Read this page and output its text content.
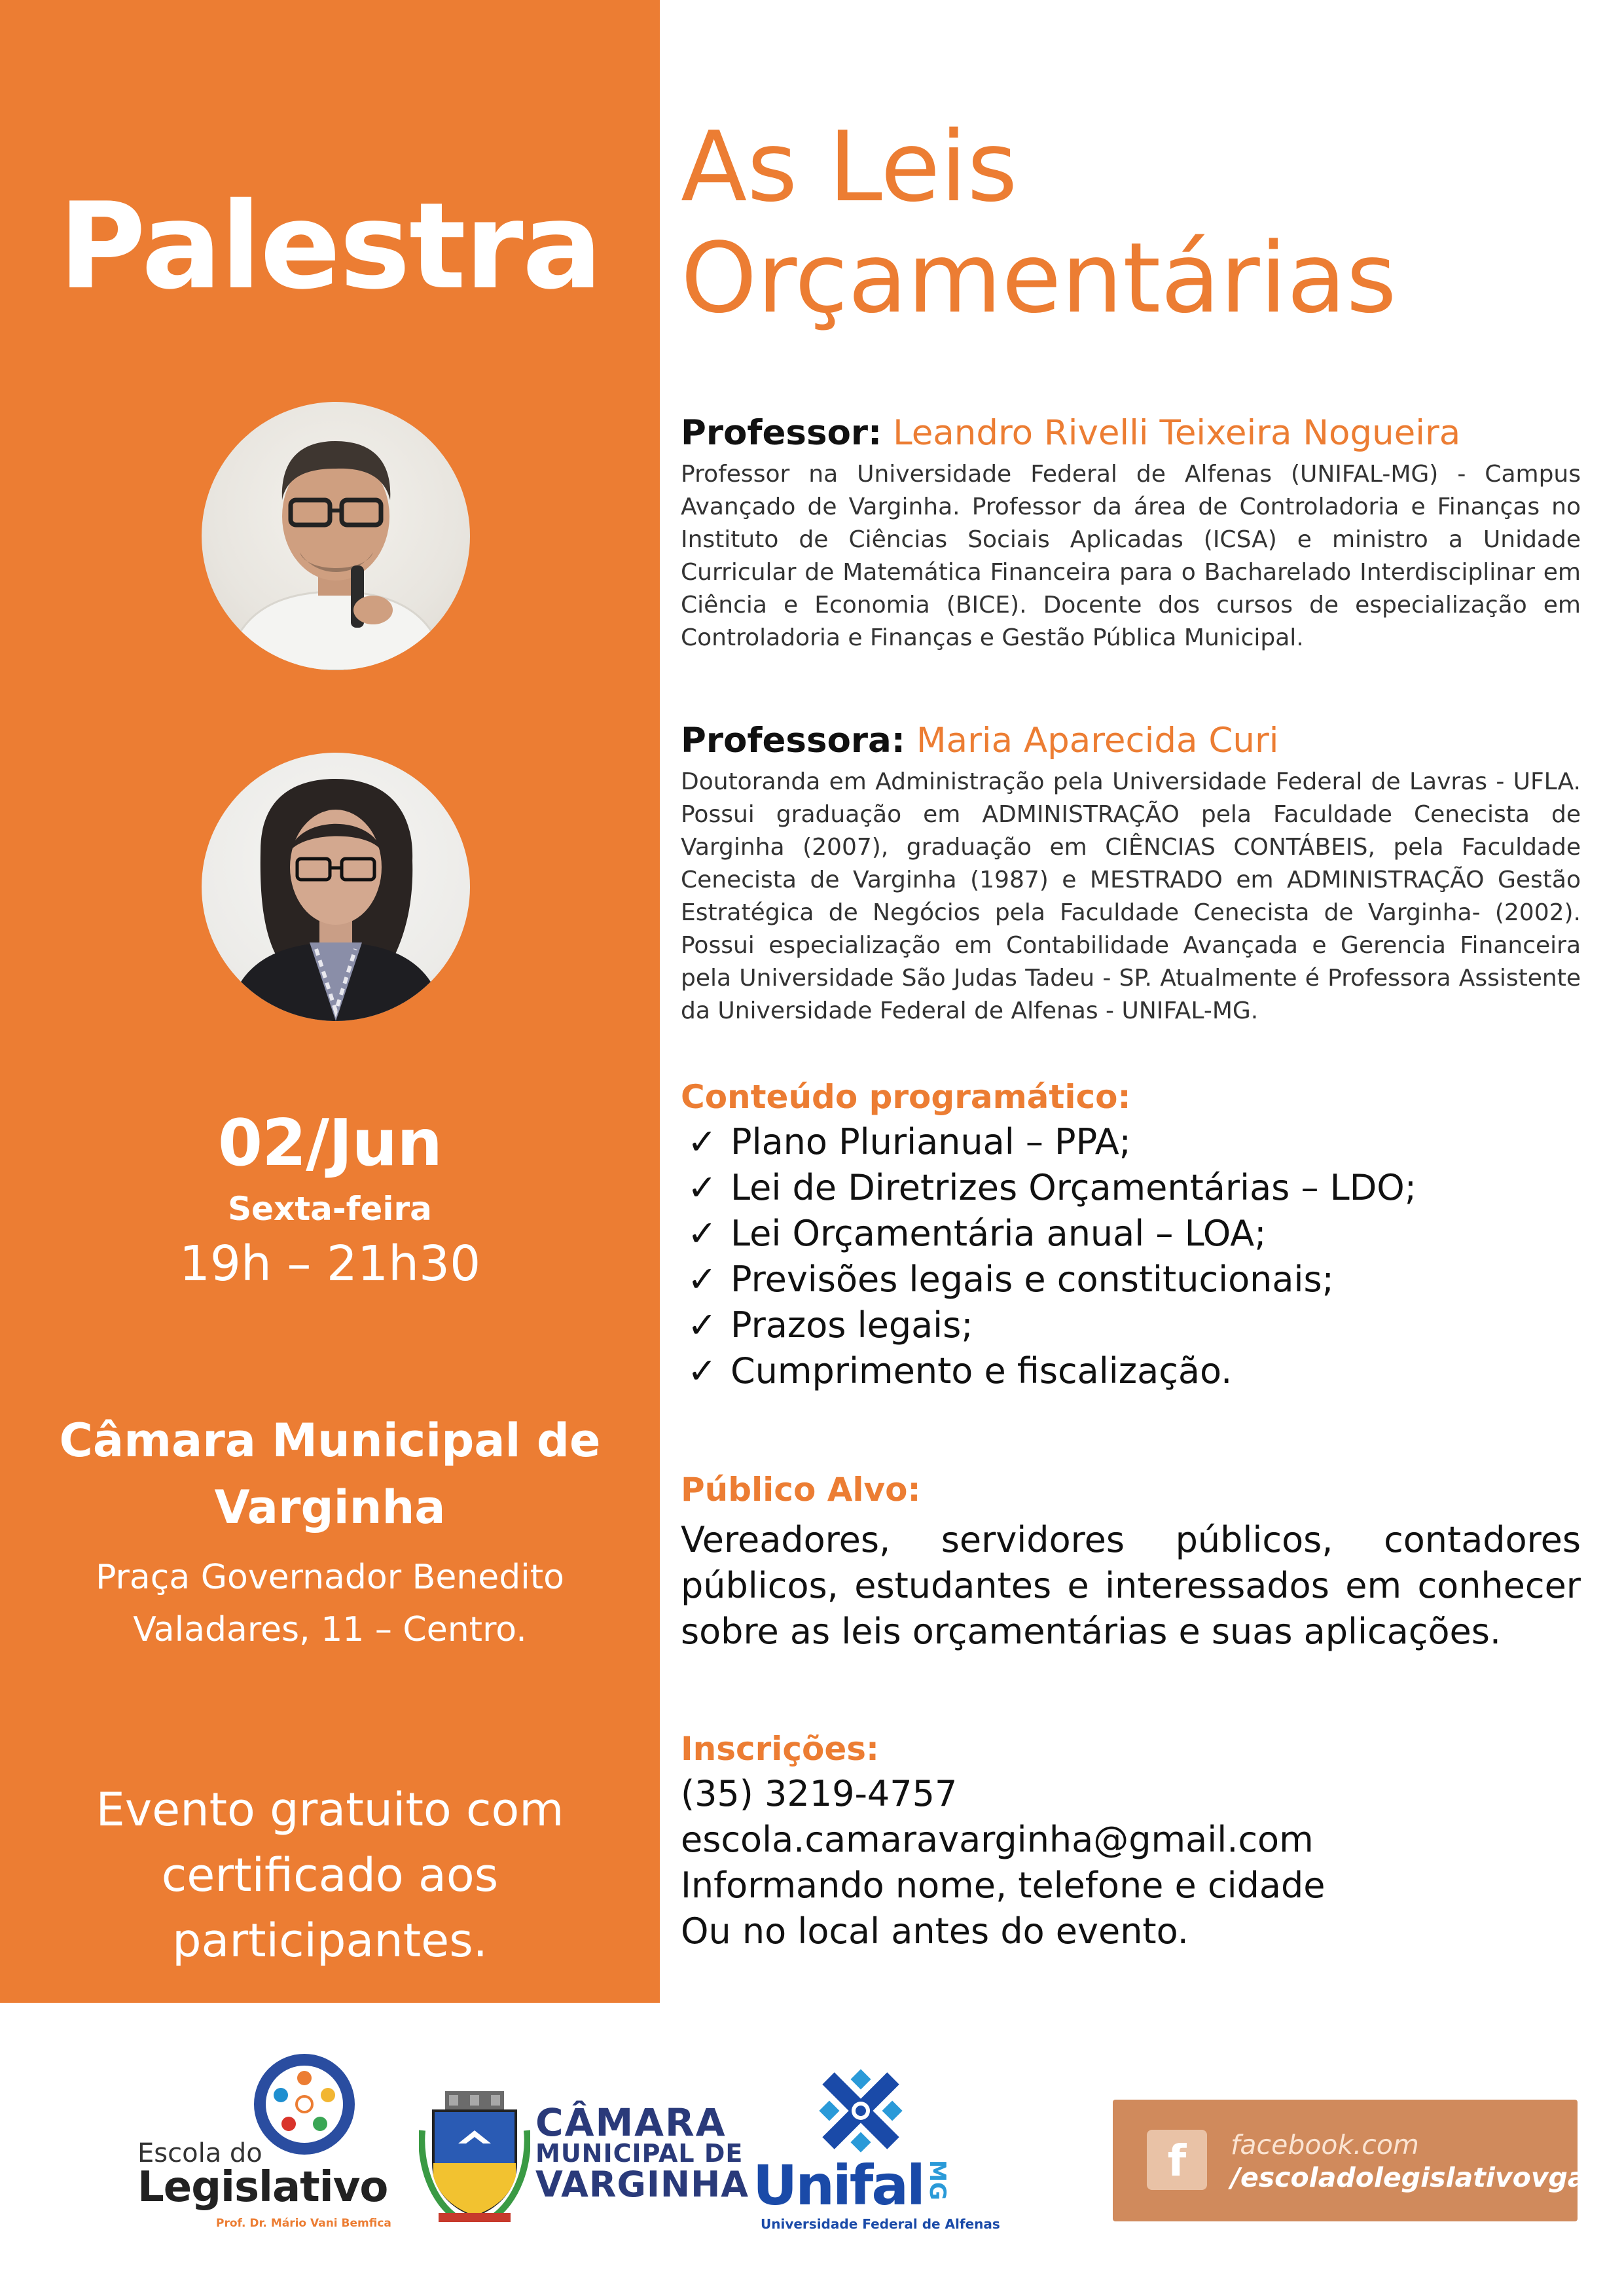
Palestra
02/Jun
Sexta-feira
19h – 21h30
Câmara Municipal de
Varginha
Praça Governador Benedito
Valadares, 11 – Centro.
Evento gratuito com
certificado aos
participantes.
As Leis
Orçamentárias
Professor: Leandro Rivelli Teixeira Nogueira

Professor na Universidade Federal de Alfenas (UNIFAL-MG) - Campus Avançado de Varginha. Professor da área de Controladoria e Finanças no Instituto de Ciências Sociais Aplicadas (ICSA) e ministro a Unidade Curricular de Matemática Financeira para o Bacharelado Interdisciplinar em Ciência e Economia (BICE). Docente dos cursos de especialização em Controladoria e Finanças e Gestão Pública Municipal.

Professora: Maria Aparecida Curi

Doutoranda em Administração pela Universidade Federal de Lavras - UFLA. Possui graduação em ADMINISTRAÇÃO pela Faculdade Cenecista de Varginha (2007), graduação em CIÊNCIAS CONTÁBEIS, pela Faculdade Cenecista de Varginha (1987) e MESTRADO em ADMINISTRAÇÃO Gestão Estratégica de Negócios pela Faculdade Cenecista de Varginha- (2002). Possui especialização em Contabilidade Avançada e Gerencia Financeira pela Universidade São Judas Tadeu - SP. Atualmente é Professora Assistente da Universidade Federal de Alfenas - UNIFAL-MG.

Conteúdo programático:
✓ Plano Plurianual – PPA;
✓ Lei de Diretrizes Orçamentárias – LDO;
✓ Lei Orçamentária anual – LOA;
✓ Previsões legais e constitucionais;
✓ Prazos legais;
✓ Cumprimento e fiscalização.
Público Alvo:

Vereadores, servidores públicos, contadores públicos, estudantes e interessados em conhecer sobre as leis orçamentárias e suas aplicações.

Inscrições:
(35) 3219-4757
escola.camaravarginha@gmail.com
Informando nome, telefone e cidade
Ou no local antes do evento.
Escola do
Legislativo
Prof. Dr. Mário Vani Bemfica
CÂMARA
MUNICIPAL DE
VARGINHA Unifal MG
Universidade Federal de Alfenas
f	facebook.com
/escoladolegislativovga
